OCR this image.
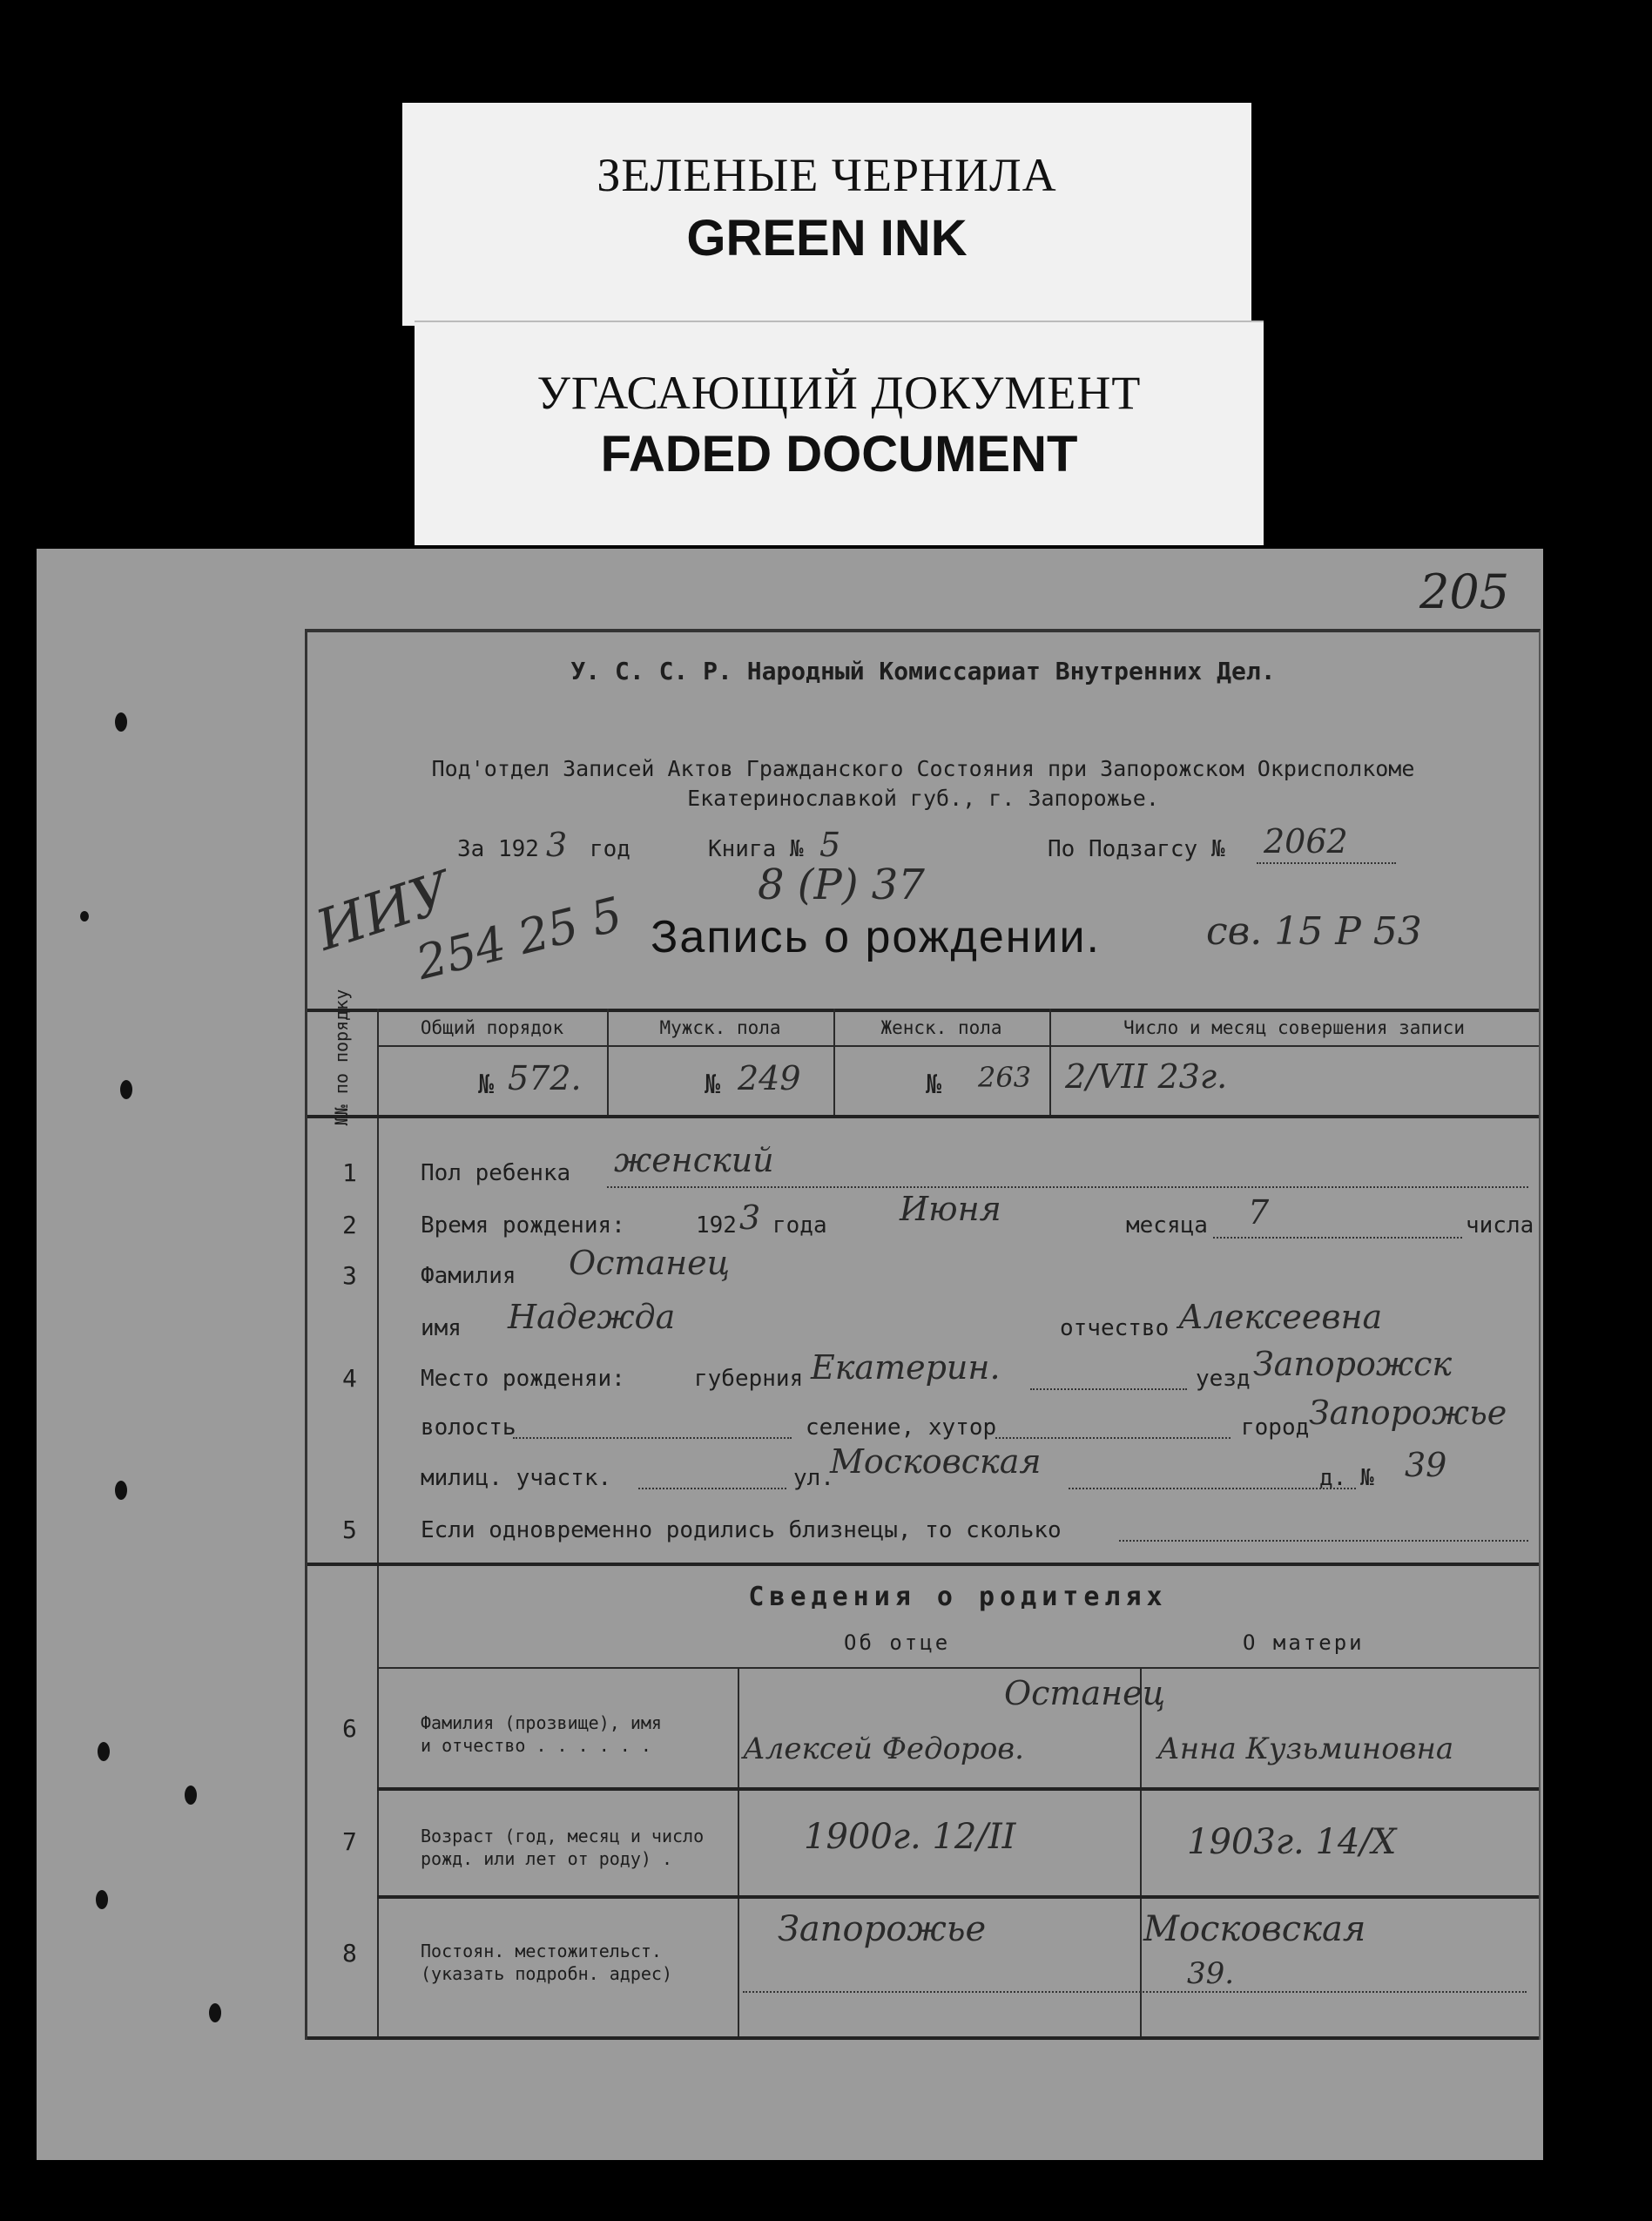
ЗЕЛЕНЫЕ ЧЕРНИЛА
GREEN INK
УГАСАЮЩИЙ ДОКУМЕНТ
FADED DOCUMENT
205
ИИУ
254 25 5
8 (Р) 37
У. С. С. Р. Народный Комиссариат Внутренних Дел.
Под'отдел Записей Актов Гражданского Состояния при Запорожском Окрисполкоме
Екатеринославкой губ., г. Запорожье.
За 192 3 год	Книга № 5	По Подзагсу № 2062
Запись о рождении.	св. 15 Р 53
№№ по порядку	Общий порядок	Мужск. пола	Женск. пола	Число и месяц совершения записи
№ 572.	№ 249	№ 263 2/VII 23г.
1	Пол ребенка женский
2	Время рождения:	192 3 года Июня	месяца 7	числа
3	Фамилия Останец
имя Надежда	отчество Алексеевна
4	Место рожденяи:	губерния Екатерин.	уезд Запорожск
волость	селение, хутор	город Запорожье
милиц. участк.	ул.
Московская	д. № 39
5	Если одновременно родились близнецы, то сколько
Сведения о родителях
Об отце	О матери
6	Фамилия (прозвище), имя
и отчество . . . . . .
Останец
Алексей Федоров.	Анна Кузьминовна
7	Возраст (год, месяц и число
рожд. или лет от роду) .
1900г. 12/II	1903г. 14/X
8	Постоян. местожительст.
(указать подробн. адрес)
Запорожье	Московская
39.
